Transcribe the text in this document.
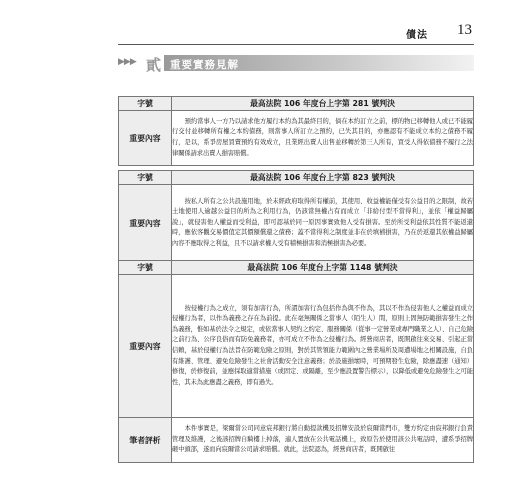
債法 13
▶▶▶ 貳 重要實務見解
字號	最高法院 106 年度台上字第 281 號判決
重要內容	預約當事人一方乃以請求他方履行本約為其最終目的，倘在本約訂立之前，標的物已移轉他人或已不能履行交付並移轉所有權之本約債務，則當事人所訂立之預約，已失其目的，亦應認有不能成立本約之債務不履行，是以，系爭房屋買賣預約有效成立，且業經出賣人出售並移轉於第三人所有，買受人得依債務不履行之法律關係請求出賣人損害賠償。

字號	最高法院 106 年度台上字第 823 號判決
重要內容	按私人所有之公共設施用地，於未經政府取得所有權前，其使用、收益權能僅受有公益目的之限制，故若土地使用人逾越公益目的所為之利用行為，仍該當無權占有而成立「非給付型不當得利」，並依「權益歸屬說」，就侵害他人權益而受利益，即可認基於同一原因事實致他人受有損害。至於所受利益依其性質不能返還時，應依客觀交易價值定其價額償還之債務；蓋不當得利之制度並非在於填補損害，乃在於返還其依權益歸屬內容不應取得之利益，且不以請求權人受有積極損害和消極損害為必要。

字號	最高法院 106 年度台上字第 1148 號判決
重要內容	按侵權行為之成立，須有加害行為，所謂加害行為包括作為與不作為，其以不作為侵害他人之權益而成立侵權行為者，以作為義務之存在為前提。此在毫無關係之當事人（陌生人）間，原則上固無防範損害發生之作為義務，惟如基於法令之規定，或依當事人契約之約定、服務關係（從事一定營業或專門職業之人）、自己危險之前行為、公序良俗而有防免義務者，亦可成立不作為之侵權行為。經營商店者，既開啟往來交易、引起正當信賴，基於侵權行為法旨在防範危險之原則，對於其管領能力範圍內之營業場所及周遭場地之相關設施，自負有維護、管理、避免危險發生之社會活動安全注意義務；於設施損壞時，可預期發生危險，除應盡速（通知）修復，於修復前，並應採取適當措施（或固定、或隔離，至少應設置警告標示），以降低或避免危險發生之可能性，其未為此應盡之義務，即有過失。

筆者評析	本件事實是，梁爾當公司同意宸邦銀行將自動提款機及招牌安設於宸爾當門市，雙方約定由宸邦銀行負責管理及維護，之後該招牌自騎樓上掉落，適人置放在公共電話機上，致原告於使用該公共電話時，遭系爭招牌砸中頭部，遂而向宸爾當公司請求賠償。就此，法院認為，經營商店者，既開啟往
